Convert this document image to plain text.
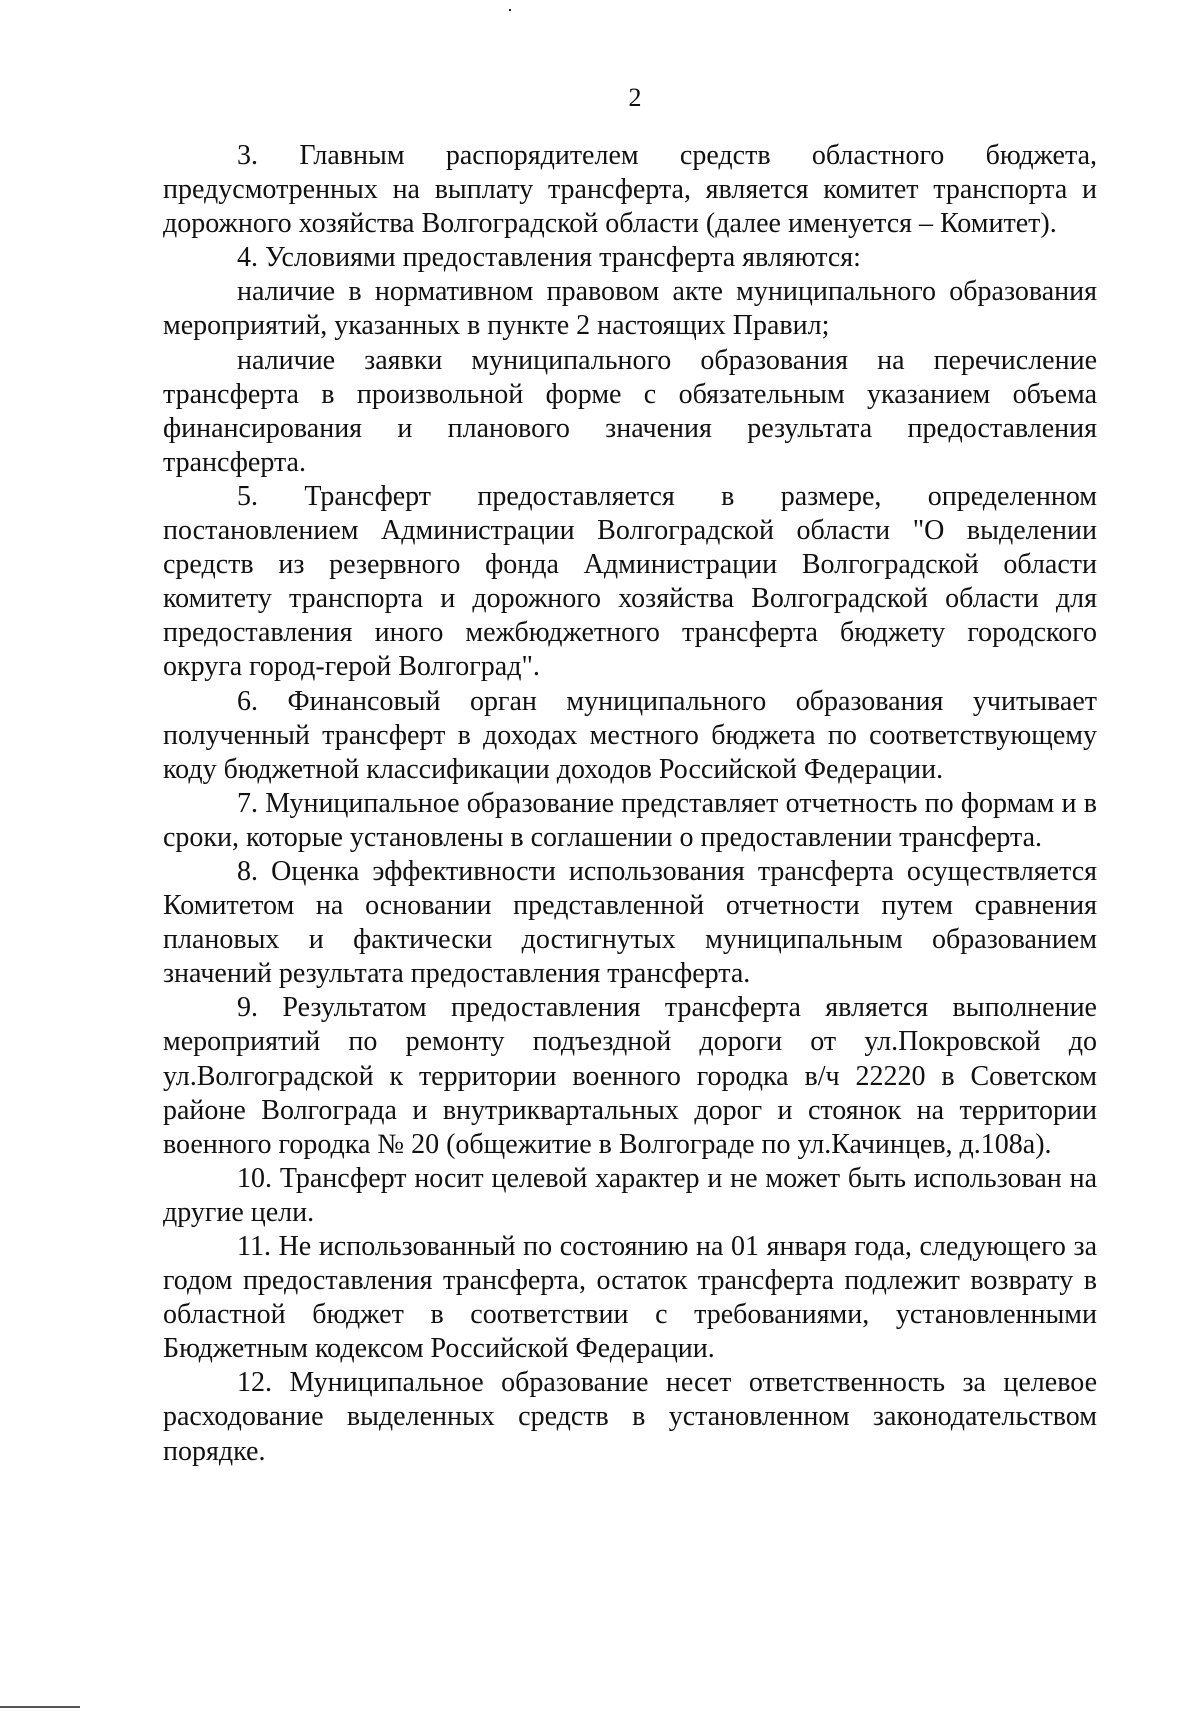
2

3. Главным распорядителем средств областного бюджета, предусмотренных на выплату трансферта, является комитет транспорта и дорожного хозяйства Волгоградской области (далее именуется – Комитет).

4. Условиями предоставления трансферта являются:

наличие в нормативном правовом акте муниципального образования мероприятий, указанных в пункте 2 настоящих Правил;

наличие заявки муниципального образования на перечисление трансферта в произвольной форме с обязательным указанием объема финансирования и планового значения результата предоставления трансферта.

5. Трансферт предоставляется в размере, определенном постановлением Администрации Волгоградской области "О выделении средств из резервного фонда Администрации Волгоградской области комитету транспорта и дорожного хозяйства Волгоградской области для предоставления иного межбюджетного трансферта бюджету городского округа город-герой Волгоград".

6. Финансовый орган муниципального образования учитывает полученный трансферт в доходах местного бюджета по соответствующему коду бюджетной классификации доходов Российской Федерации.

7. Муниципальное образование представляет отчетность по формам и в сроки, которые установлены в соглашении о предоставлении трансферта.

8. Оценка эффективности использования трансферта осуществляется Комитетом на основании представленной отчетности путем сравнения плановых и фактически достигнутых муниципальным образованием значений результата предоставления трансферта.

9. Результатом предоставления трансферта является выполнение мероприятий по ремонту подъездной дороги от ул.Покровской до ул.Волгоградской к территории военного городка в/ч 22220 в Советском районе Волгограда и внутриквартальных дорог и стоянок на территории военного городка № 20 (общежитие в Волгограде по ул.Качинцев, д.108а).

10. Трансферт носит целевой характер и не может быть использован на другие цели.

11. Не использованный по состоянию на 01 января года, следующего за годом предоставления трансферта, остаток трансферта подлежит возврату в областной бюджет в соответствии с требованиями, установленными Бюджетным кодексом Российской Федерации.

12. Муниципальное образование несет ответственность за целевое расходование выделенных средств в установленном законодательством порядке.
